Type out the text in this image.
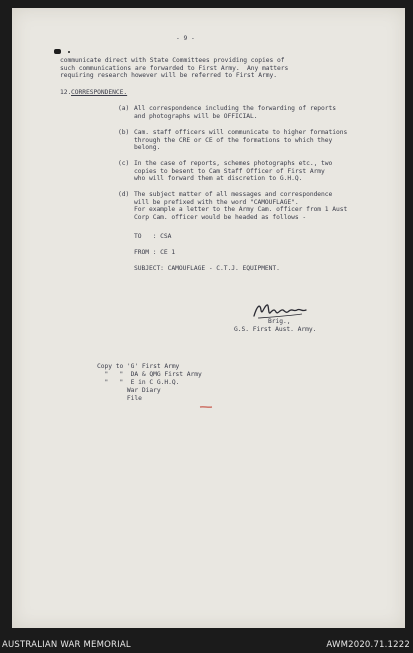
- 9 -

communicate direct with State Committees providing copies of

such communications are forwarded to First Army.  Any matters

requiring research however will be referred to First Army.

12. CORRESPONDENCE.

(a) All correspondence including the forwarding of reports

and photographs will be OFFICIAL.

(b) Cam. staff officers will communicate to higher formations

through the CRE or CE of the formations to which they

belong.

(c) In the case of reports, schemes photographs etc., two

copies to besent to Cam Staff Officer of First Army

who will forward them at discretion to G.H.Q.

(d) The subject matter of all messages and correspondence

will be prefixed with the word "CAMOUFLAGE".

For example a letter to the Army Cam. officer from 1 Aust

Corp Cam. officer would be headed as follows -

TO   : CSA

FROM : CE 1

SUBJECT: CAMOUFLAGE - C.T.J. EQUIPMENT.

Brig.,

G.S. First Aust. Army.

Copy to 'G' First Army

"   "  DA & QMG First Army

"   "  E in C G.H.Q.

War Diary

File

AUSTRALIAN WAR MEMORIAL	AWM2020.71.1222
